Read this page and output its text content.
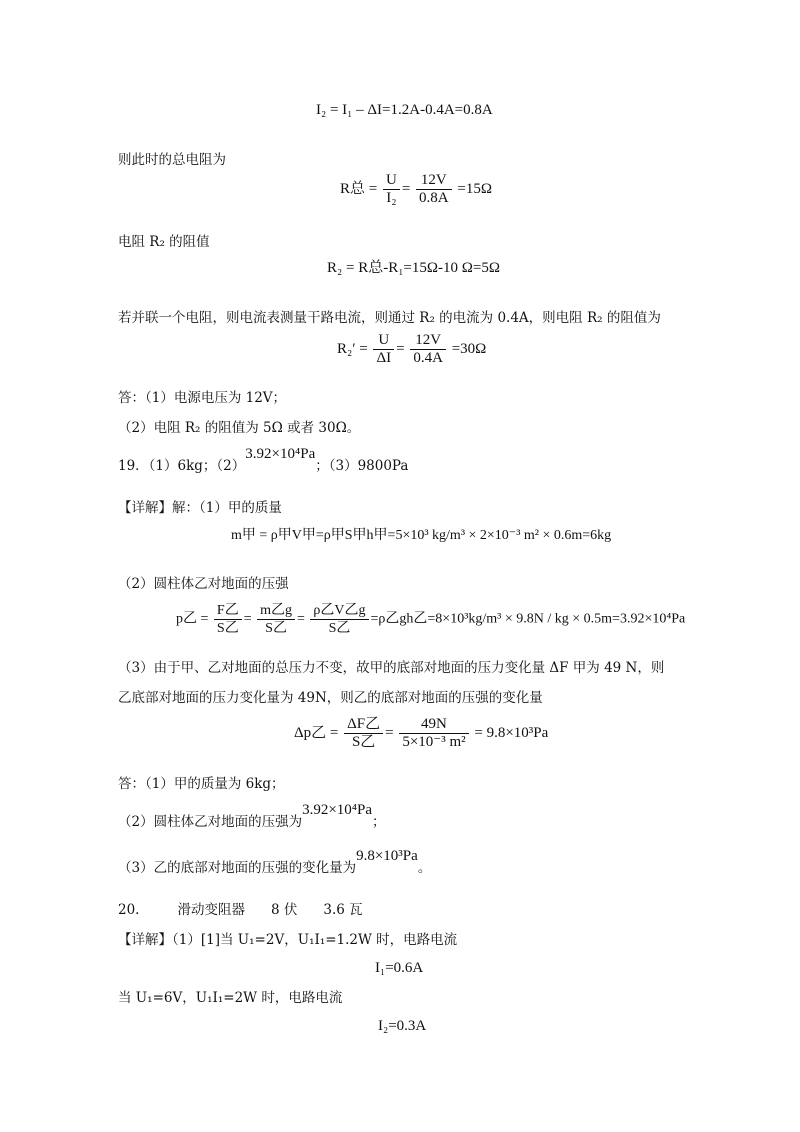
I₂ = I₁ – ΔI=1.2A-0.4A=0.8A
则此时的总电阻为
R总 = $\frac{U}{\text{I₂}} = \frac{12V}{0.8A} =15\Omega$
电阻 R₂ 的阻值
R₂ = R总-R₁=15Ω-10 Ω=5Ω
若并联一个电阻，则电流表测量干路电流，则通过 R₂ 的电流为 0.4A，则电阻 R₂ 的阻值为
$R_2' = \frac{U}{\Delta I} = \frac{12V}{0.4A} =30\Omega$
答：（1）电源电压为 12V；
（2）电阻 R₂ 的阻值为 5Ω 或者 30Ω。
19．（1）6kg；（2）3.92×10⁴Pa；（3）9800Pa
【详解】解：（1）甲的质量
m甲 = ρ甲V甲=ρ甲S甲h甲=5×10³ kg/m³ × 2×10⁻³ m² × 0.6m=6kg
（2）圆柱体乙对地面的压强
p乙 = $\frac{\text{F乙}}{\text{S乙}} = \frac{\text{m乙g}}{\text{S乙}} = \frac{\text{ρ乙V乙g}}{\text{S乙}} =\rho$乙gh乙=8×10³kg/m³ × 9.8N / kg × 0.5m=3.92×10⁴Pa
（3）由于甲、乙对地面的总压力不变，故甲的底部对地面的压力变化量 ΔF 甲为 49 N，则
乙底部对地面的压力变化量为 49N，则乙的底部对地面的压强的变化量
Δp乙 = $\frac{\text{ΔF乙}}{\text{S乙}} = \frac{49N}{\text{5×10⁻³ m²}} = 9.8\times 10^3Pa$
答：（1）甲的质量为 6kg；
（2）圆柱体乙对地面的压强为3.92×10⁴Pa；
（3）乙的底部对地面的压强的变化量为9.8×10³Pa。
20.	滑动变阻器 8 伏 3.6 瓦
【详解】（1）[1]当 U₁=2V，U₁I₁=1.2W 时，电路电流
I₁=0.6A
当 U₁=6V，U₁I₁=2W 时，电路电流
I₂=0.3A
